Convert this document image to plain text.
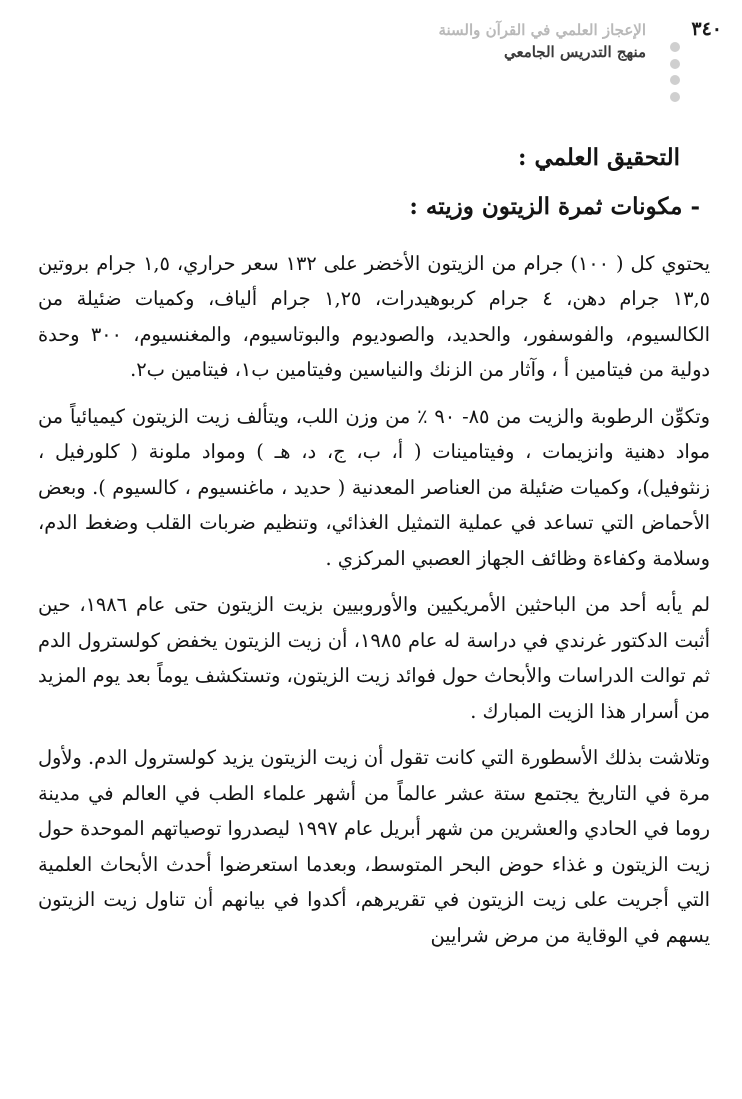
٣٤٠
الإعجاز العلمي في القرآن والسنة
منهج التدريس الجامعي
التحقيق العلمي :
- مكونات ثمرة الزيتون وزيته :

يحتوي كل ( ١٠٠) جرام من الزيتون الأخضر على ١٣٢ سعر حراري، ١,٥ جرام بروتين ١٣,٥ جرام دهن، ٤ جرام كربوهيدرات، ١,٢٥ جرام ألياف، وكميات ضئيلة من الكالسيوم، والفوسفور، والحديد، والصوديوم والبوتاسيوم، والمغنسيوم، ٣٠٠ وحدة دولية من فيتامين أ ، وآثار من الزنك والنياسين وفيتامين ب١، فيتامين ب٢.

وتكوِّن الرطوبة والزيت من ٨٥- ٩٠ ٪ من وزن اللب، ويتألف زيت الزيتون كيميائياً من مواد دهنية وانزيمات ، وفيتامينات ( أ، ب، ج، د، هـ ) ومواد ملونة ( كلورفيل ، زنثوفيل)، وكميات ضئيلة من العناصر المعدنية ( حديد ، ماغنسيوم ، كالسيوم ). وبعض الأحماض التي تساعد في عملية التمثيل الغذائي، وتنظيم ضربات القلب وضغط الدم، وسلامة وكفاءة وظائف الجهاز العصبي المركزي .

لم يأبه أحد من الباحثين الأمريكيين والأوروبيين بزيت الزيتون حتى عام ١٩٨٦، حين أثبت الدكتور غرندي في دراسة له عام ١٩٨٥، أن زيت الزيتون يخفض كولسترول الدم ثم توالت الدراسات والأبحاث حول فوائد زيت الزيتون، وتستكشف يوماً بعد يوم المزيد من أسرار هذا الزيت المبارك .

وتلاشت بذلك الأسطورة التي كانت تقول أن زيت الزيتون يزيد كولسترول الدم. ولأول مرة في التاريخ يجتمع ستة عشر عالماً من أشهر علماء الطب في العالم في مدينة روما في الحادي والعشرين من شهر أبريل عام ١٩٩٧ ليصدروا توصياتهم الموحدة حول زيت الزيتون و غذاء حوض البحر المتوسط، وبعدما استعرضوا أحدث الأبحاث العلمية التي أجريت على زيت الزيتون في تقريرهم، أكدوا في بيانهم أن تناول زيت الزيتون يسهم في الوقاية من مرض شرايين
